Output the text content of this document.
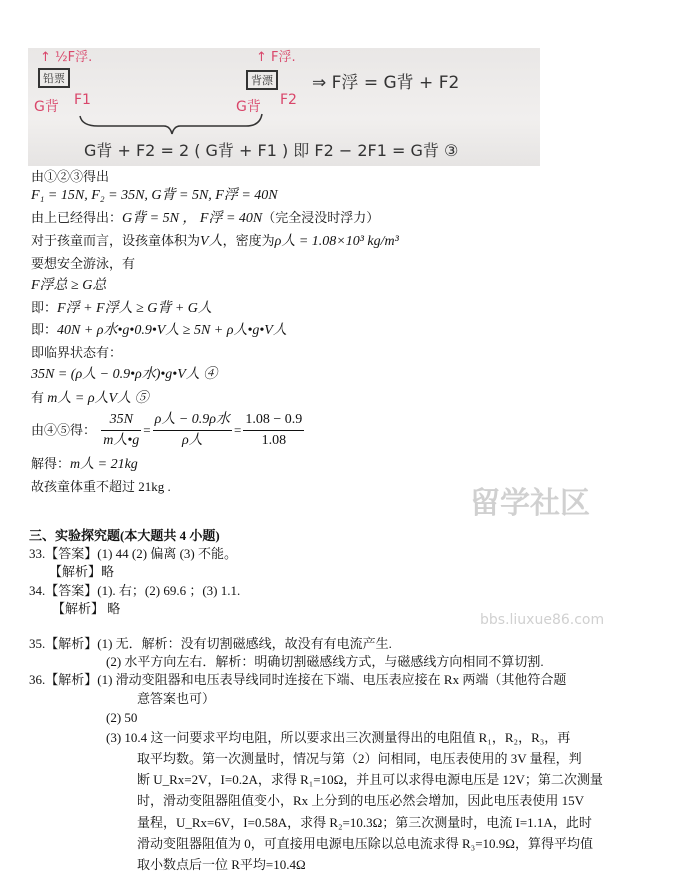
↑ ½F浮.
铅票
G背 F1
↑ F浮.
背漂
G背 F2
⇒ F浮 = G背 + F2
G背 + F2 = 2 ( G背 + F1 ) 即 F2 − 2F1 = G背 ③
由①②③得出
F₁ = 15N, F₂ = 35N, G背 = 5N, F浮 = 40N
由上已经得出：G背 = 5N ， F浮 = 40N（完全浸没时浮力）
对于孩童而言，设孩童体积为V人，密度为ρ人 = 1.08×10³ kg/m³
要想安全游泳，有
F浮总 ≥ G总
即：F浮 + F浮人 ≥ G背 + G人
即：40N + ρ水•g•0.9•V人 ≥ 5N + ρ人•g•V人
即临界状态有：
35N = (ρ人 − 0.9•ρ水)•g•V人 ④
有 m人 = ρ人V人 ⑤
由④⑤得： $\frac{35N}{\text{m人•g}} = \frac{\text{ρ人 − 0.9ρ水}}{\text{ρ人}} = \frac{1.08 - 0.9}{1.08}$
解得：m人 = 21kg
故孩童体重不超过 21kg .
三、实验探究题(本大题共 4 小题)
33.【答案】(1) 44 (2) 偏离 (3) 不能。
【解析】略
34.【答案】(1). 右；(2) 69.6 ；(3) 1.1.
【解析】 略
35.【解析】(1) 无．解析：没有切割磁感线，故没有有电流产生.
(2) 水平方向左右．解析：明确切割磁感线方式，与磁感线方向相同不算切割.
36.【解析】(1) 滑动变阻器和电压表导线同时连接在下端、电压表应接在 Rx 两端（其他符合题
意答案也可）
(2) 50
(3) 10.4 这一问要求平均电阻，所以要求出三次测量得出的电阻值 R₁，R₂，R₃，再
取平均数。第一次测量时，情况与第（2）问相同，电压表使用的 3V 量程，判
断 U_Rx=2V，I=0.2A，求得 R₁=10Ω，并且可以求得电源电压是 12V；第二次测量
时，滑动变阻器阻值变小，Rx 上分到的电压必然会增加，因此电压表使用 15V
量程，U_Rx=6V，I=0.58A，求得 R₂=10.3Ω；第三次测量时，电流 I=1.1A，此时
滑动变阻器阻值为 0，可直接用电源电压除以总电流求得 R₃=10.9Ω，算得平均值
取小数点后一位 R平均=10.4Ω
留学社区
bbs.liuxue86.com
